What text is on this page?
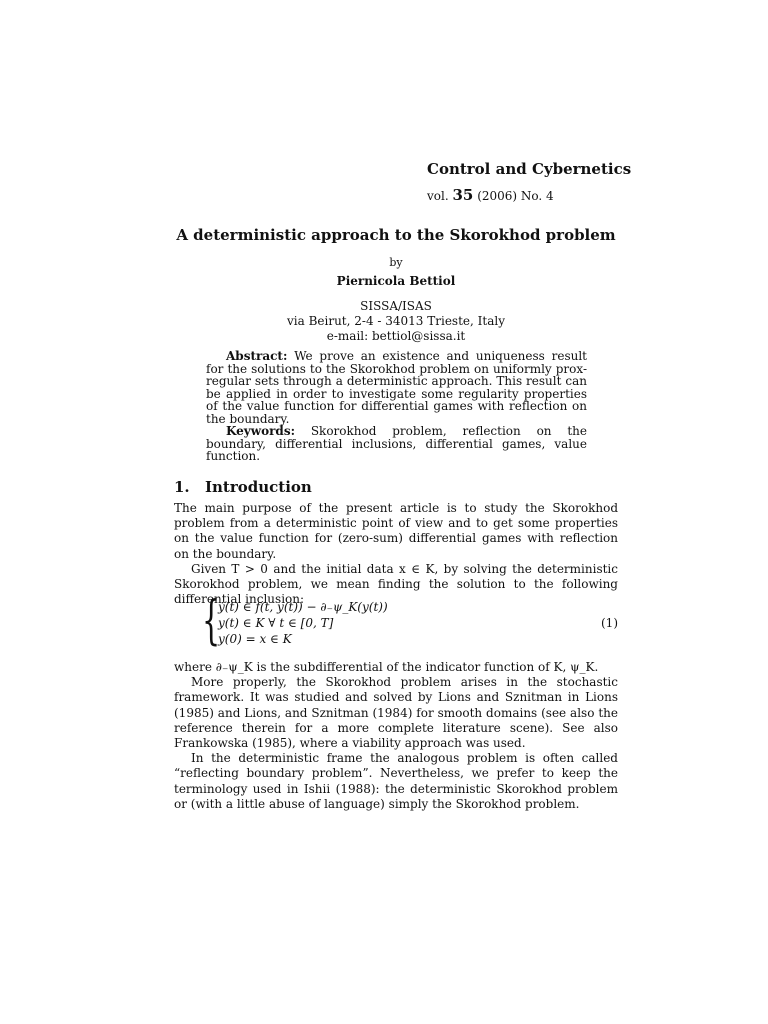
Control and Cybernetics
vol. 35 (2006) No. 4
A deterministic approach to the Skorokhod problem
by
Piernicola Bettiol
SISSA/ISAS
via Beirut, 2-4 - 34013 Trieste, Italy
e-mail: bettiol@sissa.it

Abstract: We prove an existence and uniqueness result for the solutions to the Skorokhod problem on uniformly prox-regular sets through a deterministic approach. This result can be applied in order to investigate some regularity properties of the value function for differential games with reflection on the boundary.

Keywords: Skorokhod problem, reflection on the boundary, differential inclusions, differential games, value function.

1. Introduction

The main purpose of the present article is to study the Skorokhod problem from a deterministic point of view and to get some properties on the value function for (zero-sum) differential games with reflection on the boundary.

Given T > 0 and the initial data x ∈ K, by solving the deterministic Skorokhod problem, we mean finding the solution to the following differential inclusion:

{
ẏ(t) ∈ f(t, y(t)) − ∂₋ψ_K(y(t))
y(t) ∈ K ∀ t ∈ [0, T]
y(0) = x ∈ K
(1)

where ∂₋ψ_K is the subdifferential of the indicator function of K, ψ_K.

More properly, the Skorokhod problem arises in the stochastic framework. It was studied and solved by Lions and Sznitman in Lions (1985) and Lions, and Sznitman (1984) for smooth domains (see also the reference therein for a more complete literature scene). See also Frankowska (1985), where a viability approach was used.

In the deterministic frame the analogous problem is often called “reflecting boundary problem”. Nevertheless, we prefer to keep the terminology used in Ishii (1988): the deterministic Skorokhod problem or (with a little abuse of language) simply the Skorokhod problem.
